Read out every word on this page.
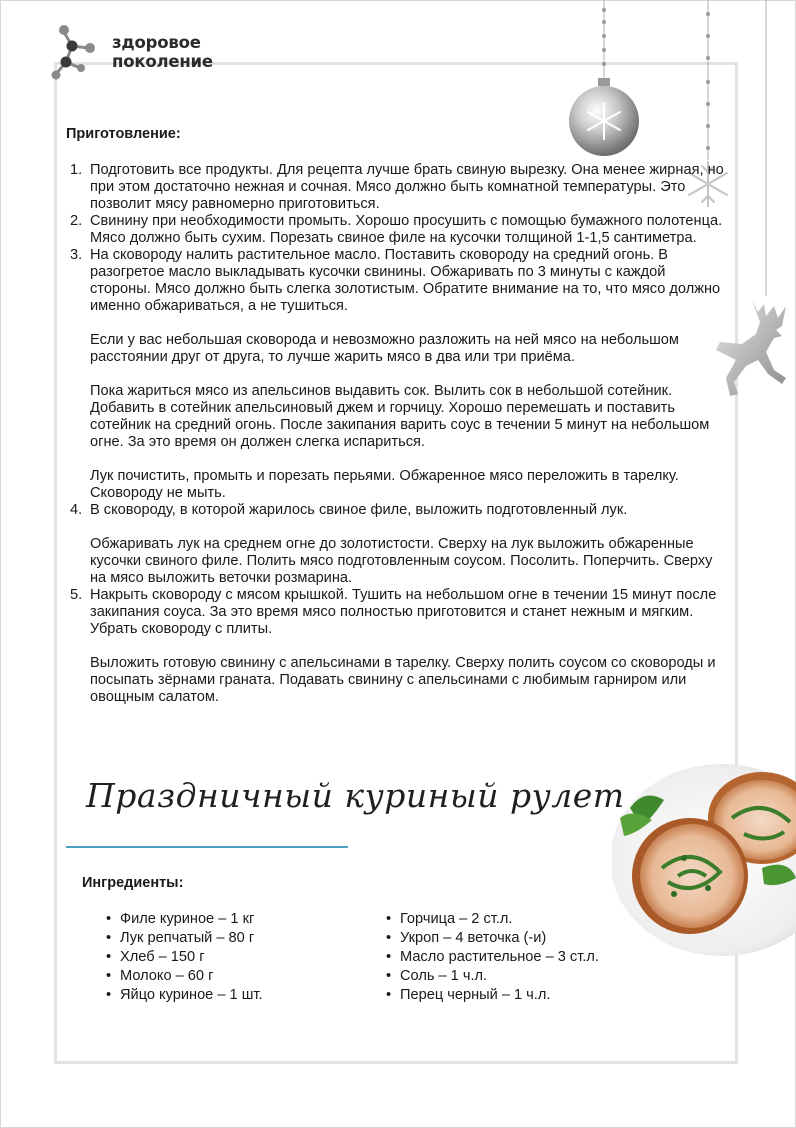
здоровое
поколение
Приготовление:
1. Подготовить все продукты. Для рецепта лучше брать свиную вырезку. Она менее жирная, но при этом достаточно нежная и сочная. Мясо должно быть комнатной температуры. Это позволит мясу равномерно приготовиться.

2. Свинину при необходимости промыть. Хорошо просушить с помощью бумажного полотенца. Мясо должно быть сухим. Порезать свиное филе на кусочки толщиной 1-1,5 сантиметра.

3. На сковороду налить растительное масло. Поставить сковороду на средний огонь. В разогретое масло выкладывать кусочки свинины. Обжаривать по 3 минуты с каждой стороны. Мясо должно быть слегка золотистым. Обратите внимание на то, что мясо должно именно обжариваться, а не тушиться.

Если у вас небольшая сковорода и невозможно разложить на ней мясо на небольшом расстоянии друг от друга, то лучше жарить мясо в два или три приёма.

Пока жариться мясо из апельсинов выдавить сок. Вылить сок в небольшой сотейник. Добавить в сотейник апельсиновый джем и горчицу. Хорошо перемешать и поставить сотейник на средний огонь. После закипания варить соус в течении 5 минут на небольшом огне. За это время он должен слегка испариться.

Лук почистить, промыть и порезать перьями. Обжаренное мясо переложить в тарелку. Сковороду не мыть.

4. В сковороду, в которой жарилось свиное филе, выложить подготовленный лук.

Обжаривать лук на среднем огне до золотистости. Сверху на лук выложить обжаренные кусочки свиного филе. Полить мясо подготовленным соусом. Посолить. Поперчить. Сверху на мясо выложить веточки розмарина.

5. Накрыть сковороду с мясом крышкой. Тушить на небольшом огне в течении 15 минут после закипания соуса. За это время мясо полностью приготовится и станет нежным и мягким. Убрать сковороду с плиты.

Выложить готовую свинину с апельсинами в тарелку. Сверху полить соусом со сковороды и посыпать зёрнами граната. Подавать свинину с апельсинами с любимым гарниром или овощным салатом.

Праздничный куриный рулет
Ингредиенты:
• Филе куриное – 1 кг
• Лук репчатый – 80 г
• Хлеб – 150 г
• Молоко – 60 г
• Яйцо куриное – 1 шт.
• Горчица – 2 ст.л.
• Укроп – 4 веточка (-и)
• Масло растительное – 3 ст.л.
• Соль – 1 ч.л.
• Перец черный – 1 ч.л.
